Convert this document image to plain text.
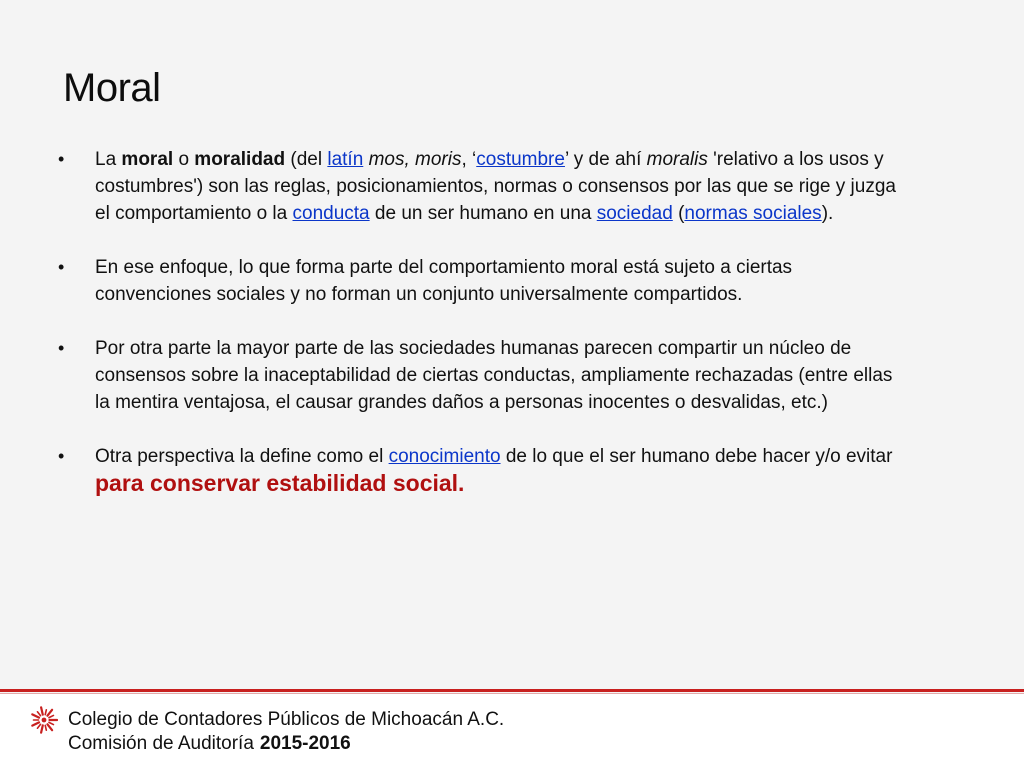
Moral
•	La moral o moralidad (del latín mos, moris, ‘costumbre’ y de ahí moralis 'relativo a los usos y costumbres') son las reglas, posicionamientos, normas o consensos por las que se rige y juzga el comportamiento o la conducta de un ser humano en una sociedad (normas sociales).
•	En ese enfoque, lo que forma parte del comportamiento moral está sujeto a ciertas convenciones sociales y no forman un conjunto universalmente compartidos.
•	Por otra parte la mayor parte de las sociedades humanas parecen compartir un núcleo de consensos sobre la inaceptabilidad de ciertas conductas, ampliamente rechazadas (entre ellas la mentira ventajosa, el causar grandes daños a personas inocentes o desvalidas, etc.)
•	Otra perspectiva la define como el conocimiento de lo que el ser humano debe hacer y/o evitar para conservar estabilidad social.
Colegio de Contadores Públicos de Michoacán A.C.
Comisión de Auditoría 2015-2016
